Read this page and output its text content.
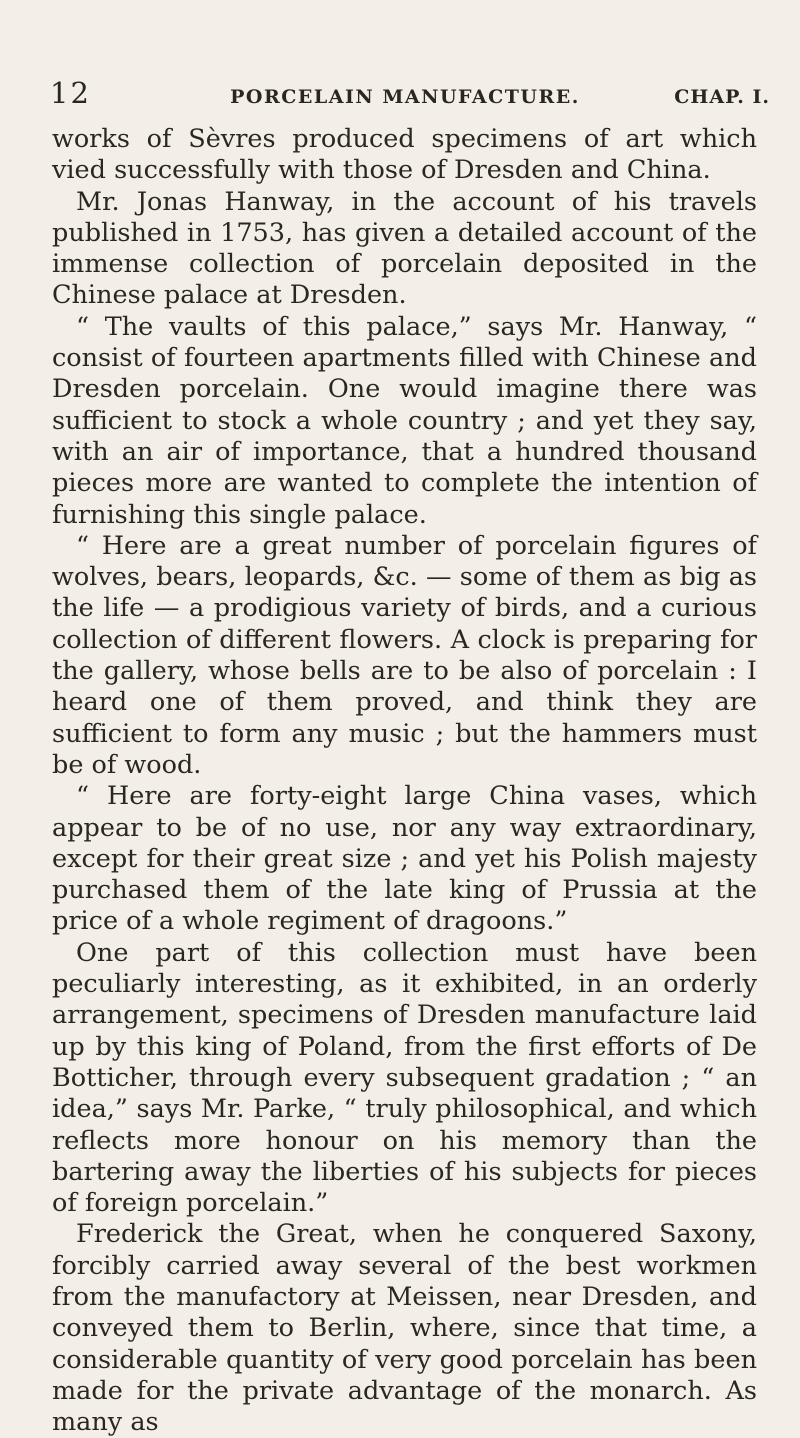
12	PORCELAIN MANUFACTURE.	CHAP. I.

works of Sèvres produced specimens of art which vied successfully with those of Dresden and China.

Mr. Jonas Hanway, in the account of his travels published in 1753, has given a detailed account of the immense collection of porcelain deposited in the Chinese palace at Dresden.

“ The vaults of this palace,” says Mr. Hanway, “ consist of fourteen apartments filled with Chinese and Dresden porcelain. One would imagine there was sufficient to stock a whole country ; and yet they say, with an air of importance, that a hundred thousand pieces more are wanted to complete the intention of furnishing this single palace.

“ Here are a great number of porcelain figures of wolves, bears, leopards, &c. — some of them as big as the life — a prodigious variety of birds, and a curious collection of different flowers. A clock is preparing for the gallery, whose bells are to be also of porcelain : I heard one of them proved, and think they are sufficient to form any music ; but the hammers must be of wood.

“ Here are forty-eight large China vases, which appear to be of no use, nor any way extraordinary, except for their great size ; and yet his Polish majesty purchased them of the late king of Prussia at the price of a whole regiment of dragoons.”

One part of this collection must have been peculiarly interesting, as it exhibited, in an orderly arrangement, specimens of Dresden manufacture laid up by this king of Poland, from the first efforts of De Botticher, through every subsequent gradation ; “ an idea,” says Mr. Parke, “ truly philosophical, and which reflects more honour on his memory than the bartering away the liberties of his subjects for pieces of foreign porcelain.”

Frederick the Great, when he conquered Saxony, forcibly carried away several of the best workmen from the manufactory at Meissen, near Dresden, and conveyed them to Berlin, where, since that time, a considerable quantity of very good porcelain has been made for the private advantage of the monarch. As many as
